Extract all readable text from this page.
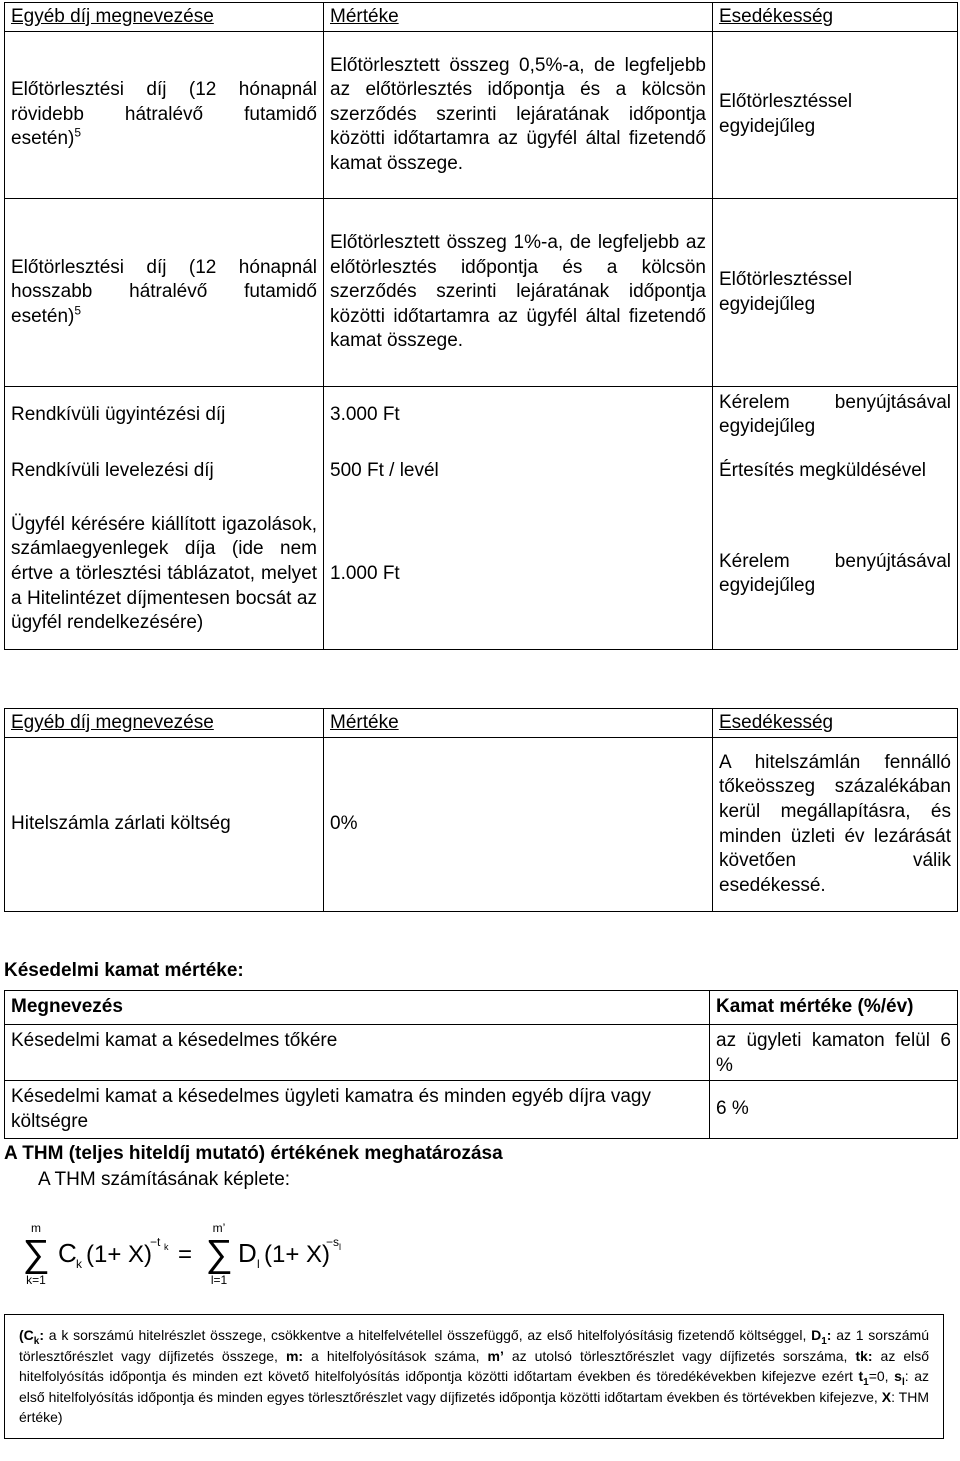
Egyéb díj megnevezése	Mértéke	Esedékesség
Előtörlesztési díj (12 hónapnál rövidebb hátralévő futamidő esetén)$^5$	Előtörlesztett összeg 0,5%-a, de legfeljebb az előtörlesztés időpontja és a kölcsön szerződés szerinti lejáratának időpontja közötti időtartamra az ügyfél által fizetendő kamat összege.	Előtörlesztéssel egyidejűleg
Előtörlesztési díj (12 hónapnál hosszabb hátralévő futamidő esetén)$^5$	Előtörlesztett összeg 1%-a, de legfeljebb az előtörlesztés időpontja és a kölcsön szerződés szerinti lejáratának időpontja közötti időtartamra az ügyfél által fizetendő kamat összege.	Előtörlesztéssel egyidejűleg
Rendkívüli ügyintézési díj	3.000 Ft	Kérelem benyújtásával egyidejűleg
Rendkívüli levelezési díj	500 Ft / levél	Értesítés megküldésével
Ügyfél kérésére kiállított igazolások, számlaegyenlegek díja (ide nem értve a törlesztési táblázatot, melyet a Hitelintézet díjmentesen bocsát az ügyfél rendelkezésére)	1.000 Ft	Kérelem benyújtásával egyidejűleg
Egyéb díj megnevezése	Mértéke	Esedékesség
Hitelszámla zárlati költség	0%	A hitelszámlán fennálló tőkeösszeg százalékában kerül megállapításra, és minden üzleti év lezárását követően válik esedékessé.
Késedelmi kamat mértéke:
Megnevezés	Kamat mértéke (%/év)
Késedelmi kamat a késedelmes tőkére	az ügyleti kamaton felül 6 %
Késedelmi kamat a késedelmes ügyleti kamatra és minden egyéb díjra vagy költségre	6 %
A THM (teljes hiteldíj mutató) értékének meghatározása
A THM számításának képlete:
m
∑
k=1
C k (1+ X)
−t k =
m’
∑
l=1
D l (1+ X)
−s l
($C_k$: a k sorszámú hitelrészlet összege, csökkentve a hitelfelvétellel összefüggő, az első hitelfolyósításig fizetendő költséggel, $D_1$: az 1 sorszámú törlesztőrészlet vagy díjfizetés összege, m: a hitelfolyósítások száma, m’ az utolsó törlesztőrészlet vagy díjfizetés sorszáma, tk: az első hitelfolyósítás időpontja és minden ezt követő hitelfolyósítás időpontja közötti időtartam években és töredékévekben kifejezve ezért $t_1=0$, $s_l$: az első hitelfolyósítás időpontja és minden egyes törlesztőrészlet vagy díjfizetés időpontja közötti időtartam években és törtévekben kifejezve, X: THM értéke)
